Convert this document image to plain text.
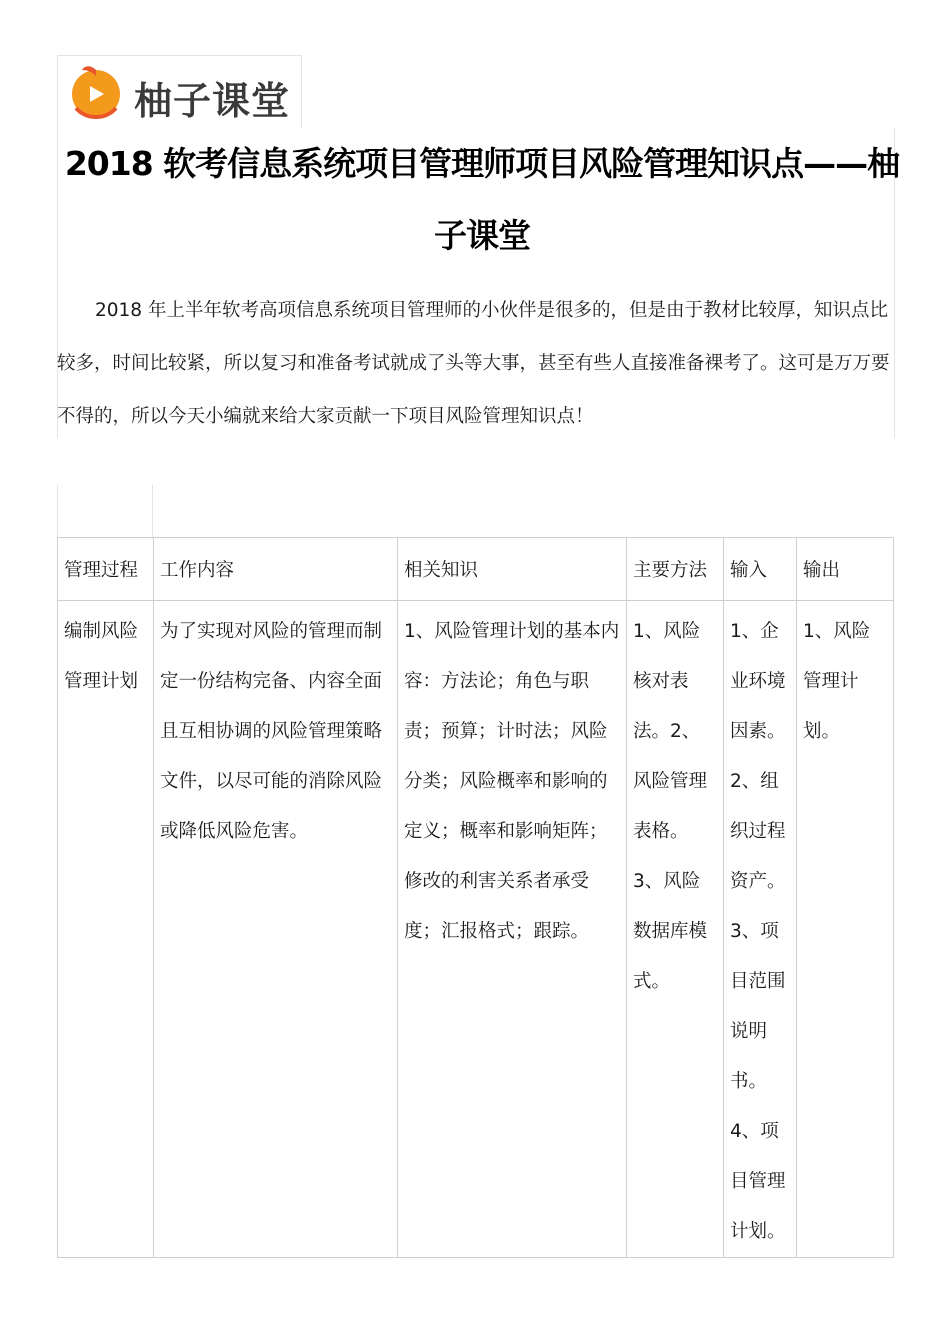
柚子课堂
2018 软考信息系统项目管理师项目风险管理知识点——柚子课堂

2018 年上半年软考高项信息系统项目管理师的小伙伴是很多的，但是由于教材比较厚，知识点比较多，时间比较紧，所以复习和准备考试就成了头等大事，甚至有些人直接准备裸考了。这可是万万要不得的，所以今天小编就来给大家贡献一下项目风险管理知识点！

管理过程	工作内容	相关知识	主要方法	输入	输出

编制风险管理计划	为了实现对风险的管理而制定一份结构完备、内容全面且互相协调的风险管理策略文件，以尽可能的消除风险或降低风险危害。	1、风险管理计划的基本内容：方法论；角色与职责；预算；计时法；风险分类；风险概率和影响的定义；概率和影响矩阵；修改的利害关系者承受度；汇报格式；跟踪。	1、风险核对表法。2、风险管理表格。3、风险数据库模式。	1、企业环境因素。2、组织过程资产。3、项目范围说明书。4、项目管理计划。	1、风险管理计划。
